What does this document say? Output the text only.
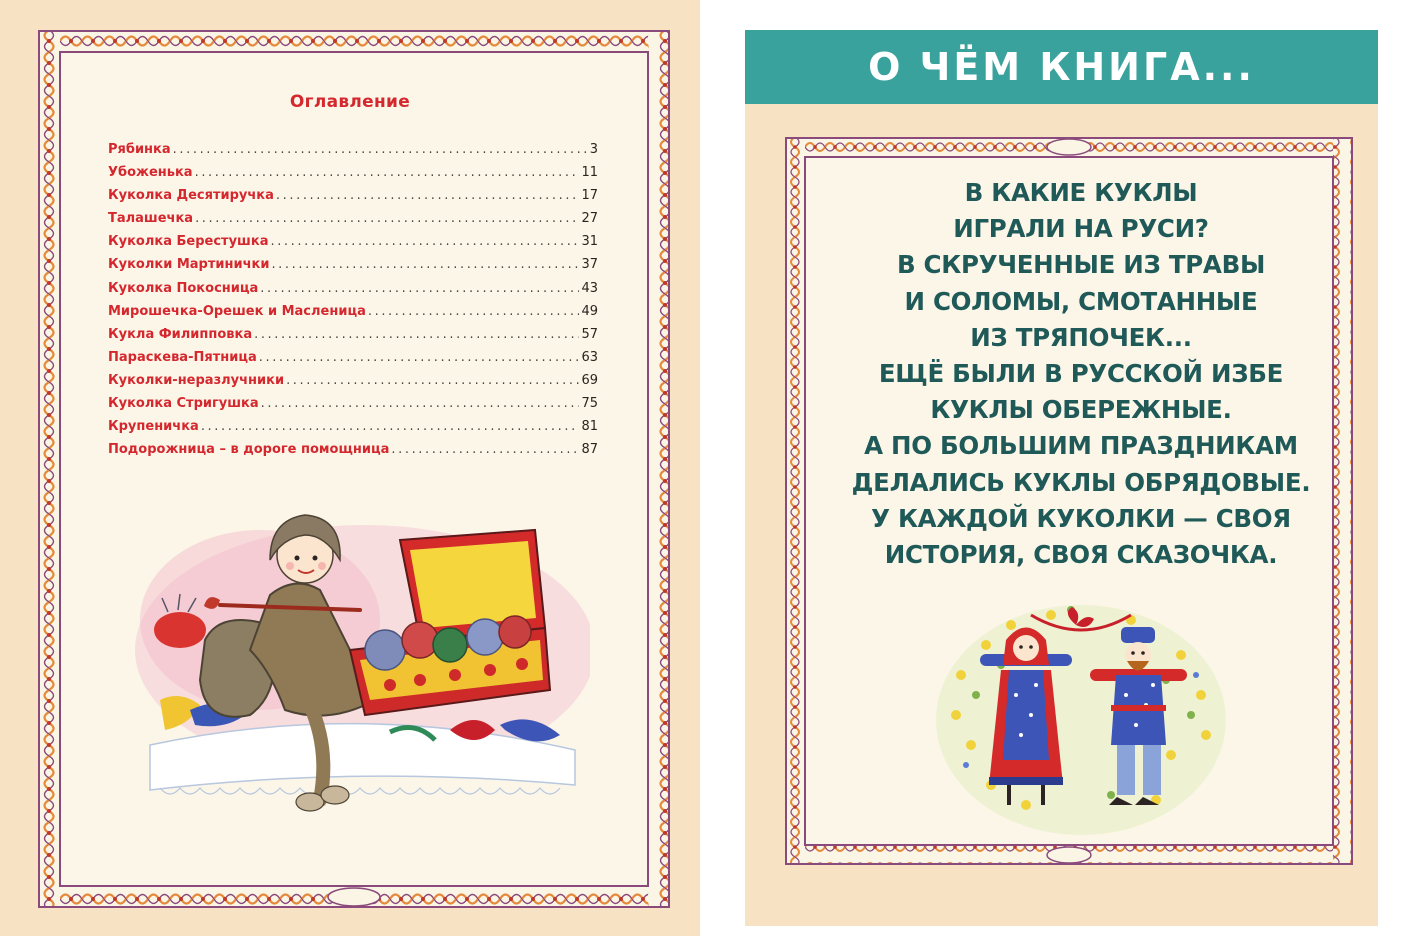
Оглавление
Рябинка .....	3
Убоженька .....	11
Куколка Десятиручка .....	17
Талашечка .....	27
Куколка Берестушка .....	31
Куколки Мартинички .....	37
Куколка Покосница .....	43
Мирошечка-Орешек и Масленица .....	49
Кукла Филипповка .....	57
Параскева-Пятница .....	63
Куколки-неразлучники .....	69
Куколка Стригушка .....	75
Крупеничка .....	81
Подорожница – в дороге помощница .....	87
О ЧЁМ КНИГА...
В КАКИЕ КУКЛЫ
ИГРАЛИ НА РУСИ?
В СКРУЧЕННЫЕ ИЗ ТРАВЫ
И СОЛОМЫ, СМОТАННЫЕ
ИЗ ТРЯПОЧЕК...
ЕЩЁ БЫЛИ В РУССКОЙ ИЗБЕ
КУКЛЫ ОБЕРЕЖНЫЕ.
А ПО БОЛЬШИМ ПРАЗДНИКАМ
ДЕЛАЛИСЬ КУКЛЫ ОБРЯДОВЫЕ.
У КАЖДОЙ КУКОЛКИ — СВОЯ
ИСТОРИЯ, СВОЯ СКАЗОЧКА.
